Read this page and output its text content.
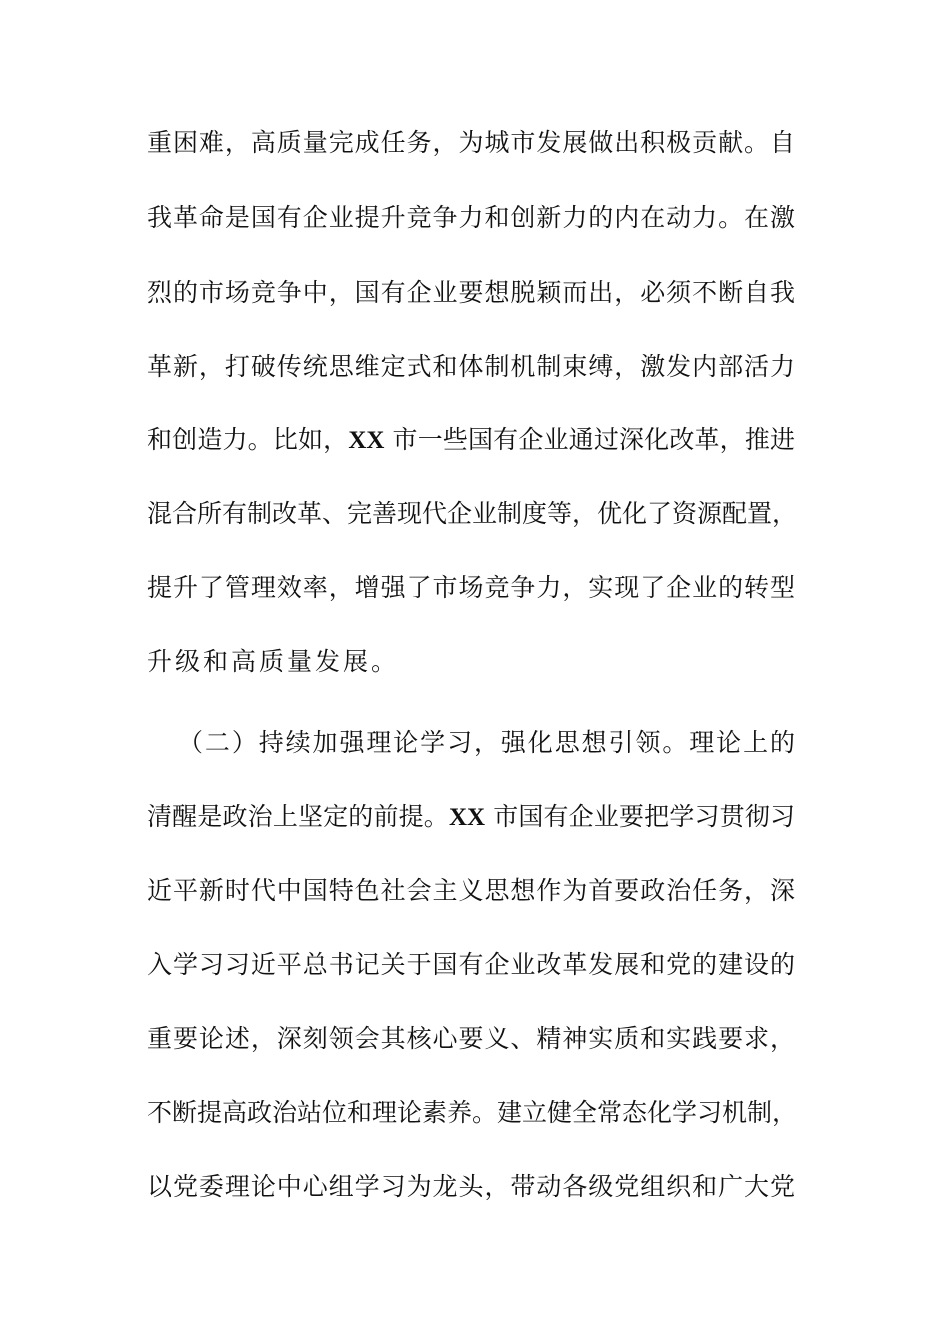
重困难，高质量完成任务，为城市发展做出积极贡献。自
我革命是国有企业提升竞争力和创新力的内在动力。在激
烈的市场竞争中，国有企业要想脱颖而出，必须不断自我
革新，打破传统思维定式和体制机制束缚，激发内部活力
和创造力。比如，XX 市一些国有企业通过深化改革，推进
混合所有制改革、完善现代企业制度等，优化了资源配置，
提升了管理效率，增强了市场竞争力，实现了企业的转型
升级和高质量发展。
（二）持续加强理论学习，强化思想引领。理论上的
清醒是政治上坚定的前提。XX 市国有企业要把学习贯彻习
近平新时代中国特色社会主义思想作为首要政治任务，深
入学习习近平总书记关于国有企业改革发展和党的建设的
重要论述，深刻领会其核心要义、精神实质和实践要求，
不断提高政治站位和理论素养。建立健全常态化学习机制，
以党委理论中心组学习为龙头，带动各级党组织和广大党
